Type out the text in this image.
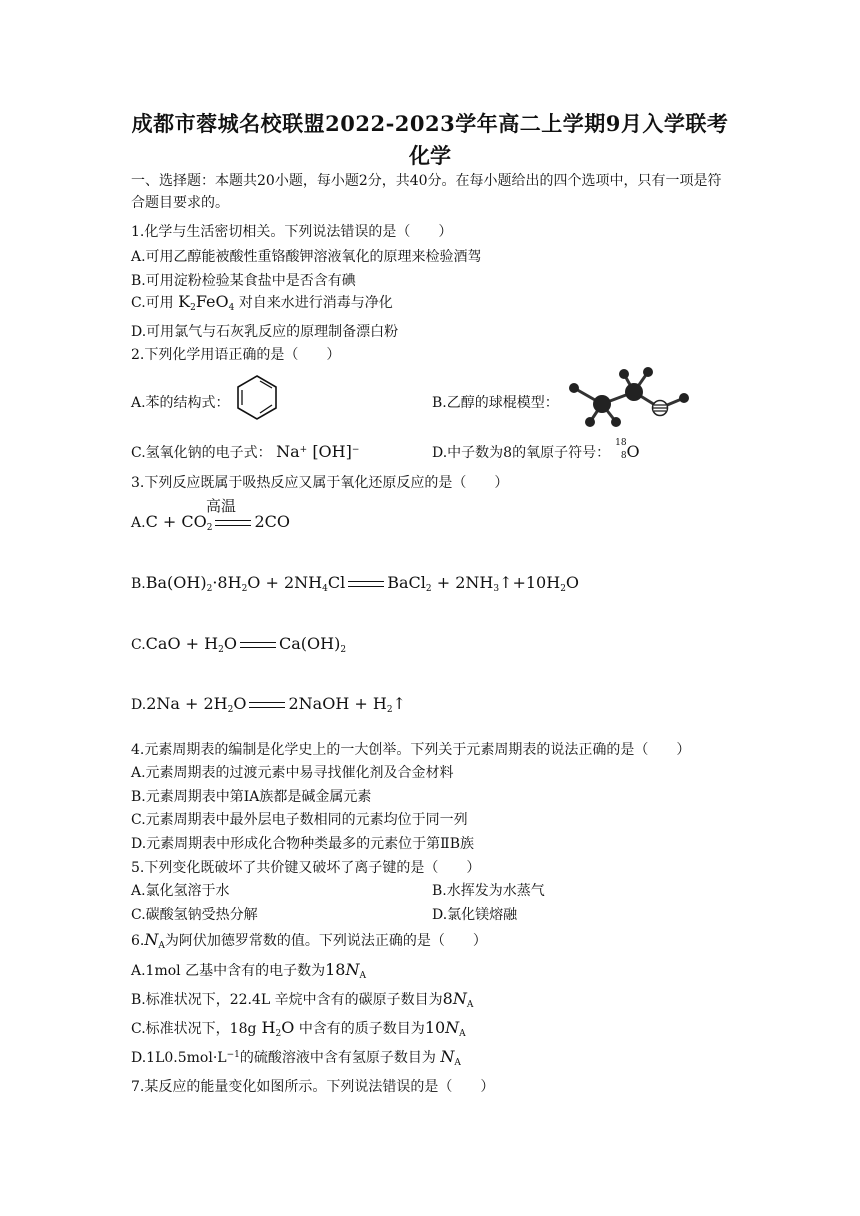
成都市蓉城名校联盟2022-2023学年高二上学期9月入学联考
化学
一、选择题：本题共20小题，每小题2分，共40分。在每小题给出的四个选项中，只有一项是符合题目要求的。
1.化学与生活密切相关。下列说法错误的是（　　）
A.可用乙醇能被酸性重铬酸钾溶液氧化的原理来检验酒驾
B.可用淀粉检验某食盐中是否含有碘
C.可用 $K_2FeO_4$ 对自来水进行消毒与净化
D.可用氯气与石灰乳反应的原理制备漂白粉
2.下列化学用语正确的是（　　）
A.苯的结构式：	B.乙醇的球棍模型：
C.氢氧化钠的电子式： Na+ [OH]−	D.中子数为8的氧原子符号：
18
8 O
3.下列反应既属于吸热反应又属于氧化还原反应的是（　　）
$A.C + CO_2$	2CO
高温
$B.Ba(OH)_2\cdot 8H_2O + 2NH_4Cl$	BaCl$_2$ + $2NH_3↑+10H_2O$
$C.CaO + H_2O$	$Ca(OH)_2$
$D.2Na + 2H_2O$	2NaOH + $H_2↑$
4.元素周期表的编制是化学史上的一大创举。下列关于元素周期表的说法正确的是（　　）
A.元素周期表的过渡元素中易寻找催化剂及合金材料
B.元素周期表中第ⅠA族都是碱金属元素
C.元素周期表中最外层电子数相同的元素均位于同一列
D.元素周期表中形成化合物种类最多的元素位于第ⅡB族
5.下列变化既破坏了共价键又破坏了离子键的是（　　）
A.氯化氢溶于水	B.水挥发为水蒸气
C.碳酸氢钠受热分解	D.氯化镁熔融
$6.N_A$为阿伏加德罗常数的值。下列说法正确的是（　　）
A.1mol 乙基中含有的电子数为$18N_A$
B.标准状况下，22.4L 辛烷中含有的碳原子数目为$8N_A$
C.标准状况下，18g $H_2O$ 中含有的质子数目为$10N_A$
$D.1L0.5mol\cdot L^{-1}$的硫酸溶液中含有氢原子数目为 $N_A$
7.某反应的能量变化如图所示。下列说法错误的是（　　）
